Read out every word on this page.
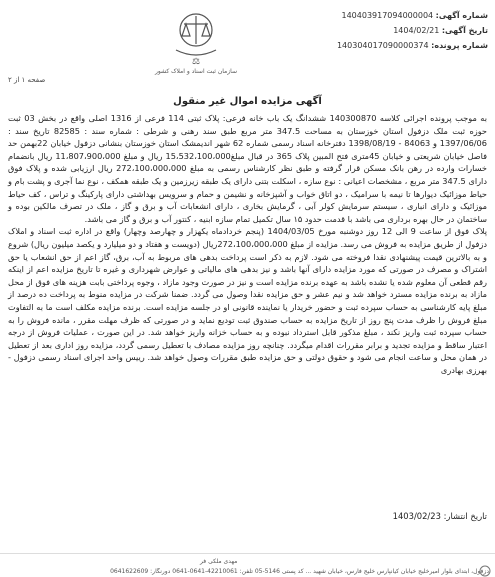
شماره آگهی: 140403917094000004
تاریخ آگهی: 1404/02/21
شماره پرونده: 140304017090000374
⚖
سازمان ثبت اسناد و املاک کشور
صفحه ۱ از ۲
آگهی مزایده اموال غیر منقول

به موجب پرونده اجرائی کلاسه 140300870 ششدانگ یک باب خانه فرعی: پلاک ثبتی 114 فرعی از 1316 اصلی واقع در بخش 03 ثبت حوزه ثبت ملک دزفول استان خوزستان به مساحت 347.5 متر مربع طبق سند رهنی و شرطی : شماره سند : 82585 تاریخ سند : 1397/06/06 و 84063 - 1398/08/19 دفترخانه اسناد رسمی شماره 62 شهر اندیمشک استان خوزستان بنشانی دزفول خیابان 22بهمن حد فاصل خیابان شریعتی و خیابان 45متری فتح المبین پلاک 365 در قبال مبلغ15،532،100،000 ریال و مبلغ 11،807،900،000 ریال بانضمام خسارات وارده در رهن بانک مسکن قرار گرفته و طبق نظر کارشناس رسمی به مبلغ 272،100،000،000 ریال ارزیابی شده و پلاک فوق دارای 347.5 متر مربع ، مشخصات اعیانی : نوع سازه ، اسکلت بتنی دارای یک طبقه زیرزمین و یک طبقه همکف ، نوع نما آجری و پشت بام و حیاط موزائیک دیوارها تا نیمه با سرامیک ، دو اتاق خواب و آشپزخانه و نشیمن و حمام و سرویس بهداشتی دارای پارکینگ و تراس ، کف حیاط موزائیک و دارای انباری ، سیستم سرمایش کولر آبی ، گرمایش بخاری ، دارای انشعابات آب و برق و گاز ، ملک در تصرف مالکین بوده و ساختمان در حال بهره برداری می باشد با قدمت حدود ۱۵ سال تکمیل تمام سازه ابنیه ، کنتور آب و برق و گاز می باشد.

پلاک فوق از ساعت 9 الی 12 روز دوشنبه مورخ 1404/03/05 (پنجم خردادماه یکهزار و چهارصد وچهار) واقع در اداره ثبت اسناد و املاک دزفول از طریق مزایده به فروش می رسد. مزایده از مبلغ 272،100،000،000ریال (دویست و هفتاد و دو میلیارد و یکصد میلیون ریال) شروع و به بالاترین قیمت پیشنهادی نقدا فروخته می شود. لازم به ذکر است پرداخت بدهی های مربوط به آب، برق، گاز اعم از حق انشعاب یا حق اشتراک و مصرف در صورتی که مورد مزایده دارای آنها باشد و نیز بدهی های مالیاتی و عوارض شهرداری و غیره تا تاریخ مزایده اعم از اینکه رقم قطعی آن معلوم شده یا نشده باشد به عهده برنده مزایده است و نیز در صورت وجود مازاد ، وجوه پرداختی بابت هزینه های فوق از محل مازاد به برنده مزایده مسترد خواهد شد و نیم عشر و حق مزایده نقدا وصول می گردد. ضمنا شرکت در مزایده منوط به پرداخت ده درصد از مبلغ پایه کارشناسی به حساب سپرده ثبت و حضور خریدار یا نماینده قانونی او در جلسه مزایده است. برنده مزایده مکلف است ما به التفاوت مبلغ فروش را ظرف مدت پنج روز از تاریخ مزایده به حساب صندوق ثبت تودیع نماید و در صورتی که ظرف مهلت مقرر ، مانده فروش را به حساب سپرده ثبت واریز نکند ، مبلغ مذکور قابل استرداد نبوده و به حساب خزانه واریز خواهد شد. در این صورت ، عملیات فروش از درجه اعتبار ساقط و مزایده تجدید و برابر مقررات اقدام میگردد. چنانچه روز مزایده مصادف با تعطیل رسمی گردد، مزایده روز اداری بعد از تعطیل در همان محل و ساعت انجام می شود و حقوق دولتی و حق مزایده طبق مقررات وصول خواهد شد. رییس واحد اجرای اسناد رسمی دزفول - بهرزی بهادری

تاریخ انتشار: 1403/02/23
مهدی ملکی فر
دزفول، ابتدای بلوار امیرخلیج خیابان کیانپارس خلیج فارس، خیابان شهید ... کد پستی 5146-05 تلفن: 42210061-0641-0641 دورنگار: 0641622609
